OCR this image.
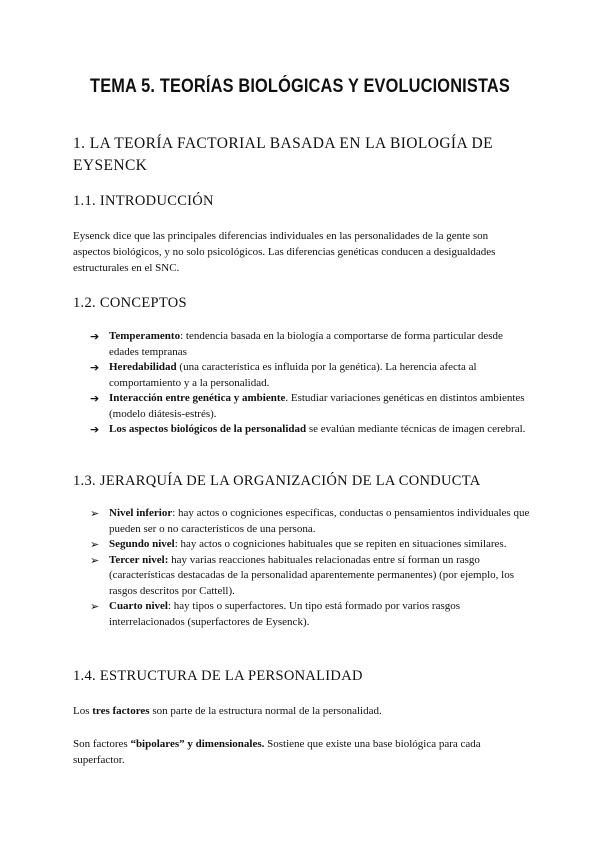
TEMA 5. TEORÍAS BIOLÓGICAS Y EVOLUCIONISTAS
1. LA TEORÍA FACTORIAL BASADA EN LA BIOLOGÍA DE EYSENCK
1.1. INTRODUCCIÓN
Eysenck dice que las principales diferencias individuales en las personalidades de la gente son aspectos biológicos, y no solo psicológicos. Las diferencias genéticas conducen a desigualdades estructurales en el SNC.
1.2. CONCEPTOS
➔ Temperamento: tendencia basada en la biología a comportarse de forma particular desde edades tempranas
➔ Heredabilidad (una característica es influida por la genética). La herencia afecta al comportamiento y a la personalidad.
➔ Interacción entre genética y ambiente. Estudiar variaciones genéticas en distintos ambientes (modelo diátesis-estrés).
➔ Los aspectos biológicos de la personalidad se evalúan mediante técnicas de imagen cerebral.
1.3. JERARQUÍA DE LA ORGANIZACIÓN DE LA CONDUCTA
➢ Nivel inferior: hay actos o cogniciones específicas, conductas o pensamientos individuales que pueden ser o no característicos de una persona.
➢ Segundo nivel: hay actos o cogniciones habituales que se repiten en situaciones similares.
➢ Tercer nivel: hay varias reacciones habituales relacionadas entre sí forman un rasgo (características destacadas de la personalidad aparentemente permanentes) (por ejemplo, los rasgos descritos por Cattell).
➢ Cuarto nivel: hay tipos o superfactores. Un tipo está formado por varios rasgos interrelacionados (superfactores de Eysenck).
1.4. ESTRUCTURA DE LA PERSONALIDAD
Los tres factores son parte de la estructura normal de la personalidad.
Son factores “bipolares” y dimensionales. Sostiene que existe una base biológica para cada superfactor.
